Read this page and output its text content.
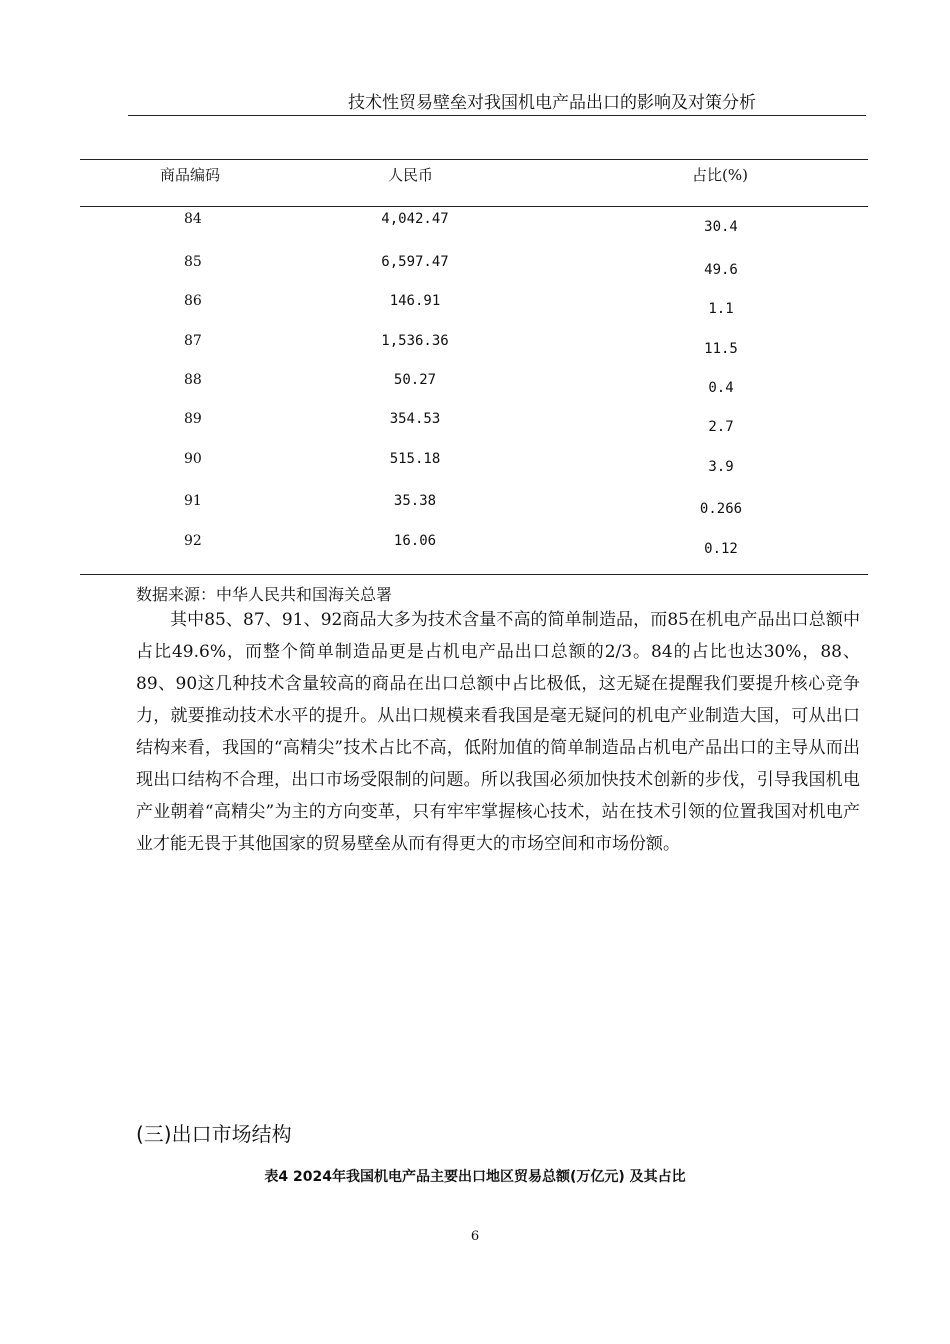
技术性贸易壁垒对我国机电产品出口的影响及对策分析
商品编码	人民币	占比(%)
84	4,042.47	30.4
85	6,597.47	49.6
86	146.91	1.1
87	1,536.36	11.5
88	50.27	0.4
89	354.53	2.7
90	515.18	3.9
91	35.38	0.266
92	16.06	0.12
数据来源：中华人民共和国海关总署

其中85、87、91、92商品大多为技术含量不高的简单制造品，而85在机电产品出口总额中占比49.6%，而整个简单制造品更是占机电产品出口总额的2/3。84的占比也达30%，88、89、90这几种技术含量较高的商品在出口总额中占比极低，这无疑在提醒我们要提升核心竞争力，就要推动技术水平的提升。从出口规模来看我国是毫无疑问的机电产业制造大国，可从出口结构来看，我国的“高精尖”技术占比不高，低附加值的简单制造品占机电产品出口的主导从而出现出口结构不合理，出口市场受限制的问题。所以我国必须加快技术创新的步伐，引导我国机电产业朝着“高精尖”为主的方向变革，只有牢牢掌握核心技术，站在技术引领的位置我国对机电产业才能无畏于其他国家的贸易壁垒从而有得更大的市场空间和市场份额。

(三)出口市场结构
表4 2024年我国机电产品主要出口地区贸易总额(万亿元) 及其占比
6
